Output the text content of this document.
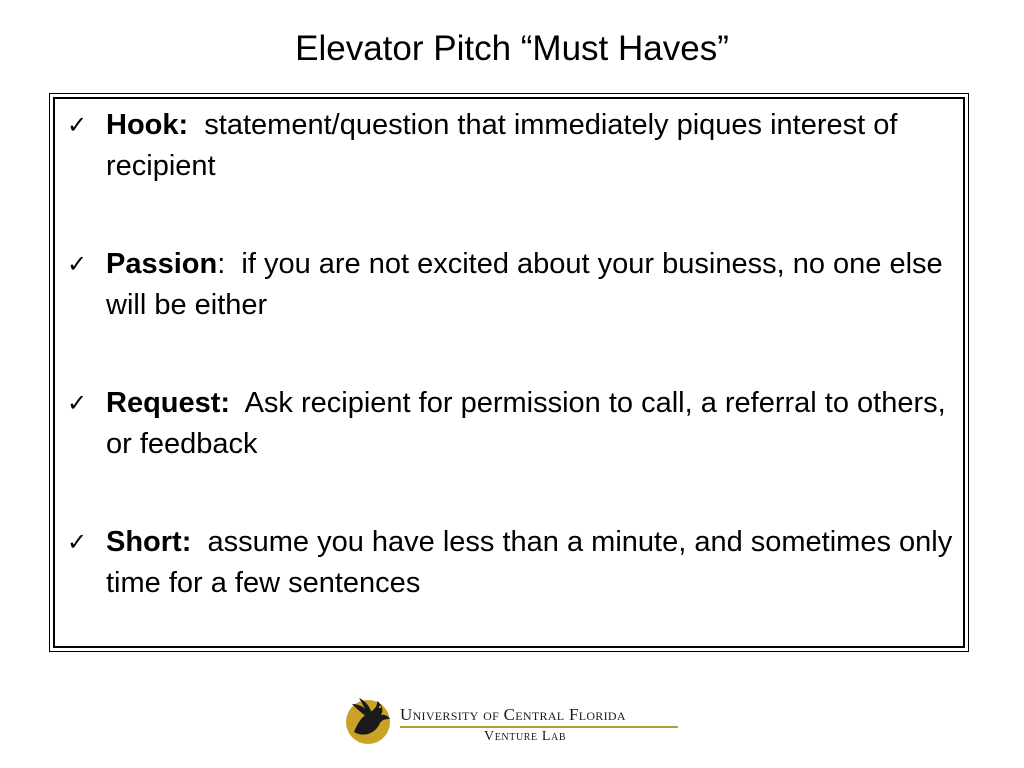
Elevator Pitch “Must Haves”
✓ Hook: statement/question that immediately piques interest of recipient
✓ Passion:  if you are not excited about your business, no one else will be either
✓ Request: Ask recipient for permission to call, a referral to others, or feedback
✓ Short: assume you have less than a minute, and sometimes only time for a few sentences
University of Central Florida
Venture Lab
